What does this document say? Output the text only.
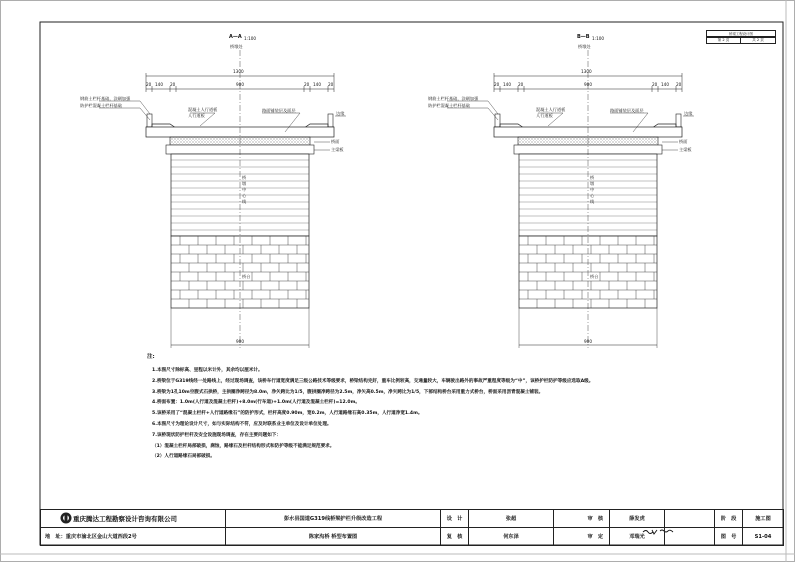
桥梁工程设计图
第 2 页	共 2 页
A—A 1:100
桥墩处
1300
20 140 20	900	20 140 20
900
钢筋土栏杆基础，涂刷加强
防护栏混凝土栏杆基础
混凝土人行道板
人行道板
路面铺装层及面层
边缘
桥面
主梁板
桥 墩 中 心 线
桥台
B—B 1:100
桥墩处
1300
20 140 20	900	20 140 20
900
钢筋土栏杆基础，涂刷加强
防护栏混凝土栏杆基础
混凝土人行道板
人行道板
路面铺装层及面层
边缘
桥面
主梁板
桥 墩 中 心 线
桥台
注:
1.本图尺寸除标高、里程以米计外，其余均以厘米计。
2.桥梁位于G319线经一处路线上，经过现场调查，该桥车行道宽度满足三级公路技术等级要求，桥梁结构完好，重车比例较高，交通量较大，车辆驶出路外的事故严重程度等级为“中”，该桥护栏防护等级应选取A级。
3.桥梁为1孔10m空腹式石拱桥，主拱圈净跨径为8.0m，净矢跨比为1/5，腹拱圈净跨径为2.5m，净矢高0.5m，净矢跨比为1/5，下部结构桥台采用重力式桥台，桥面采用沥青混凝土铺装。
4.桥面布置：1.0m(人行道及混凝土栏杆)+8.0m(行车道)+1.0m(人行道及混凝土栏杆)=12.0m。
5.该桥采用了“混凝土栏杆+人行道路缘石”的防护形式，栏杆高度0.90m，宽0.2m，人行道路缘石高0.35m，人行道净宽1.4m。
6.本图尺寸为理论设计尺寸，如与实际结构不符，应及时联系业主单位及设计单位处理。
7.该桥现状防护栏杆及安全设施现场调查，存在主要问题如下：
（1）混凝土栏杆局部破损，腐蚀，路缘石及栏杆结构形式和防护等级不能满足规范要求。
（2）人行道路缘石局部破损。
重庆腾达工程勘察设计咨询有限公司	彭水县国道G319线桥梁护栏升级改造工程	设　计	张超		审　核	薛发虎		阶　段	施工图
地　址：重庆市渝北区金山大道西段2号	陈家沟桥 桥型布置图	复　核	何东泽		审　定	邓瑞光		图　号	S1-04
